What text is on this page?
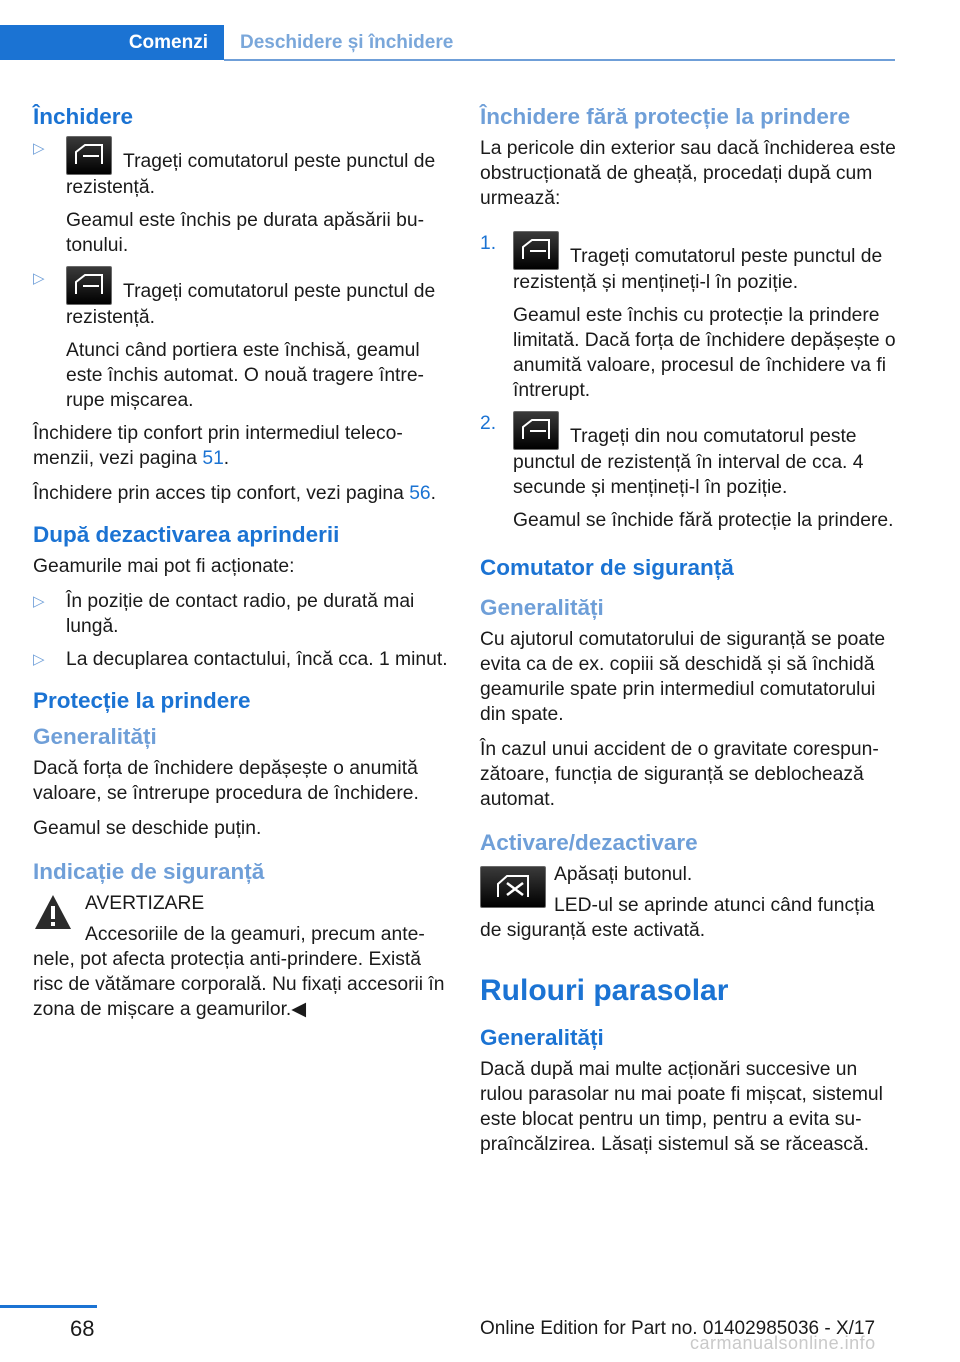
Comenzi	Deschidere și închidere
Închidere
▷

Trageți comutatorul peste punctul de rezistență.

Geamul este închis pe durata apăsării butonului.

▷

Trageți comutatorul peste punctul de rezistență.

Atunci când portiera este închisă, geamul este închis automat. O nouă tragere întrerupe mișcarea.

Închidere tip confort prin intermediul telecomenzii, vezi pagina 51.

Închidere prin acces tip confort, vezi pagina 56.

După dezactivarea aprinderii

Geamurile mai pot fi acționate:

▷ În poziție de contact radio, pe durată mai lungă.

▷ La decuplarea contactului, încă cca. 1 minut.

Protecție la prindere
Generalități

Dacă forța de închidere depășește o anumită valoare, se întrerupe procedura de închidere.

Geamul se deschide puțin.

Indicație de siguranță

AVERTIZARE

Accesoriile de la geamuri, precum antenele, pot afecta protecția anti-prindere. Există risc de vătămare corporală. Nu fixați accesorii în zona de mișcare a geamurilor.◀

Închidere fără protecție la prindere

La pericole din exterior sau dacă închiderea este obstrucționată de gheață, procedați după cum urmează:

1.

Trageți comutatorul peste punctul de rezistență și mențineți-l în poziție.

Geamul este închis cu protecție la prindere limitată. Dacă forța de închidere depășește o anumită valoare, procesul de închidere va fi întrerupt.

2.

Trageți din nou comutatorul peste punctul de rezistență în interval de cca. 4 secunde și mențineți-l în poziție.

Geamul se închide fără protecție la prindere.

Comutator de siguranță
Generalități

Cu ajutorul comutatorului de siguranță se poate evita ca de ex. copiii să deschidă și să închidă geamurile spate prin intermediul comutatorului din spate.

În cazul unui accident de o gravitate corespunzătoare, funcția de siguranță se deblochează automat.

Activare/dezactivare

Apăsați butonul.

LED-ul se aprinde atunci când funcția de siguranță este activată.

Rulouri parasolar
Generalități

Dacă după mai multe acționări succesive un rulou parasolar nu mai poate fi mișcat, sistemul este blocat pentru un timp, pentru a evita supraîncălzirea. Lăsați sistemul să se răcească.

68	Online Edition for Part no. 01402985036 - X/17
carmanualsonline.info
